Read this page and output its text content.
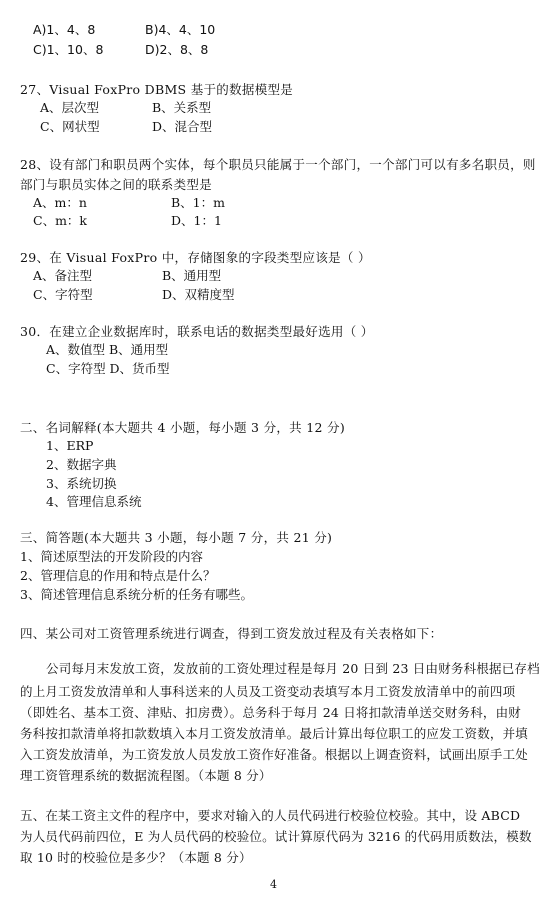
A)1、4、8	B)4、4、10
C)1、10、8	D)2、8、8
27、Visual FoxPro DBMS 基于的数据模型是
A、层次型	B、关系型
C、网状型	D、混合型
28、设有部门和职员两个实体，每个职员只能属于一个部门，一个部门可以有多名职员，则
部门与职员实体之间的联系类型是
A、m：n	B、1：m
C、m：k	D、1：1
29、在 Visual FoxPro 中，存储图象的字段类型应该是（ ）
A、备注型	B、通用型
C、字符型	D、双精度型
30．在建立企业数据库时，联系电话的数据类型最好选用（ ）
A、数值型 B、通用型
C、字符型 D、货币型
二、名词解释(本大题共 4 小题，每小题 3 分，共 12 分)
1、ERP
2、数据字典
3、系统切换
4、管理信息系统
三、简答题(本大题共 3 小题，每小题 7 分，共 21 分)
1、简述原型法的开发阶段的内容
2、管理信息的作用和特点是什么？
3、简述管理信息系统分析的任务有哪些。
四、某公司对工资管理系统进行调查，得到工资发放过程及有关表格如下：
公司每月末发放工资，发放前的工资处理过程是每月 20 日到 23 日由财务科根据已存档
的上月工资发放清单和人事科送来的人员及工资变动表填写本月工资发放清单中的前四项
（即姓名、基本工资、津贴、扣房费）。总务科于每月 24 日将扣款清单送交财务科，由财
务科按扣款清单将扣款数填入本月工资发放清单。最后计算出每位职工的应发工资数，并填
入工资发放清单，为工资发放人员发放工资作好准备。根据以上调查资料，试画出原手工处
理工资管理系统的数据流程图。（本题 8 分）
五、在某工资主文件的程序中，要求对输入的人员代码进行校验位校验。其中，设 ABCD
为人员代码前四位，E 为人员代码的校验位。试计算原代码为 3216 的代码用质数法，模数
取 10 时的校验位是多少？（本题 8 分）
4
